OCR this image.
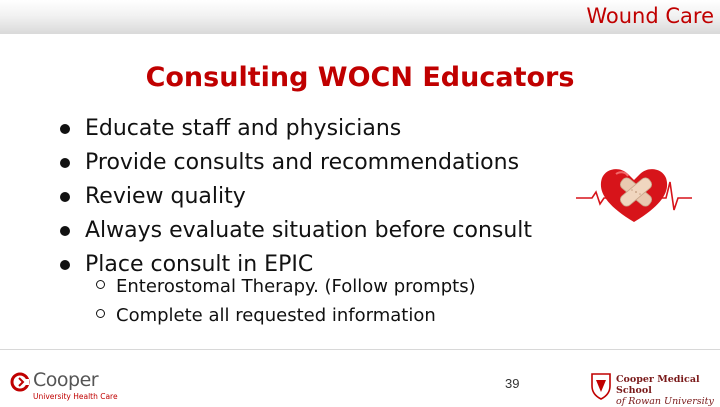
Wound Care
Consulting WOCN Educators
Educate staff and physicians
Provide consults and recommendations
Review quality
Always evaluate situation before consult
Place consult in EPIC
Enterostomal Therapy. (Follow prompts)
Complete all requested information
Cooper
University Health Care
39	Cooper Medical School
of Rowan University
